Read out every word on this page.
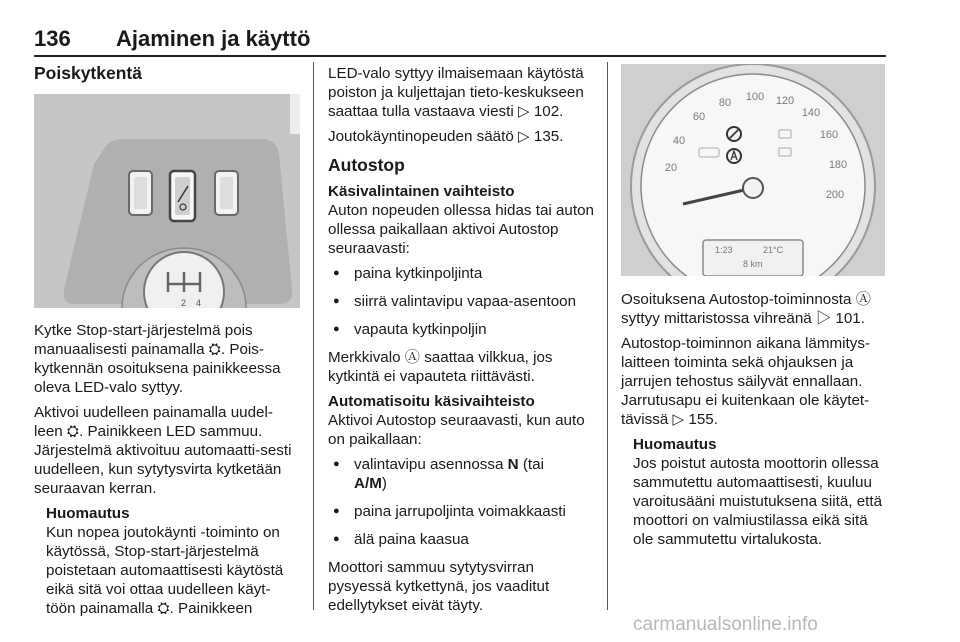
136 Ajaminen ja käyttö
Poiskytkentä
2 4
Kytke Stop-start-järjestelmä pois manuaalisesti painamalla ⛭. Pois-kytkennän osoituksena painikkeessa oleva LED-valo syttyy.
Aktivoi uudelleen painamalla uudel-leen ⛭. Painikkeen LED sammuu. Järjestelmä aktivoituu automaatti-sesti uudelleen, kun sytytysvirta kytketään seuraavan kerran.
Huomautus
Kun nopea joutokäynti -toiminto on käytössä, Stop-start-järjestelmä poistetaan automaattisesti käytöstä eikä sitä voi ottaa uudelleen käyt-töön painamalla ⛭. Painikkeen
LED-valo syttyy ilmaisemaan käytöstä poiston ja kuljettajan tieto-keskukseen saattaa tulla vastaava viesti ▷ 102.
Joutokäyntinopeuden säätö ▷ 135.
Autostop
Käsivalintainen vaihteisto
Auton nopeuden ollessa hidas tai auton ollessa paikallaan aktivoi Autostop seuraavasti:
● paina kytkinpoljinta
● siirrä valintavipu vapaa-asentoon
● vapauta kytkinpoljin
Merkkivalo Ⓐ saattaa vilkkua, jos kytkintä ei vapauteta riittävästi.
Automatisoitu käsivaihteisto
Aktivoi Autostop seuraavasti, kun auto on paikallaan:
● valintavipu asennossa N (tai
A/M)
● paina jarrupoljinta voimakkaasti
● älä paina kaasua
Moottori sammuu sytytysvirran pysyessä kytkettynä, jos vaaditut edellytykset eivät täyty.
20
40
60
80 100 120
140
160
180
200
1:23	21°C
8 km
Osoituksena Autostop-toiminnosta Ⓐ syttyy mittaristossa vihreänä ▷ 101.
Autostop-toiminnon aikana lämmitys-laitteen toiminta sekä ohjauksen ja jarrujen tehostus säilyvät ennallaan. Jarrutusapu ei kuitenkaan ole käytet-tävissä ▷ 155.
Huomautus
Jos poistut autosta moottorin ollessa sammutettu automaattisesti, kuuluu varoitusääni muistutuksena siitä, että moottori on valmiustilassa eikä sitä ole sammutettu virtalukosta.
carmanualsonline.info
